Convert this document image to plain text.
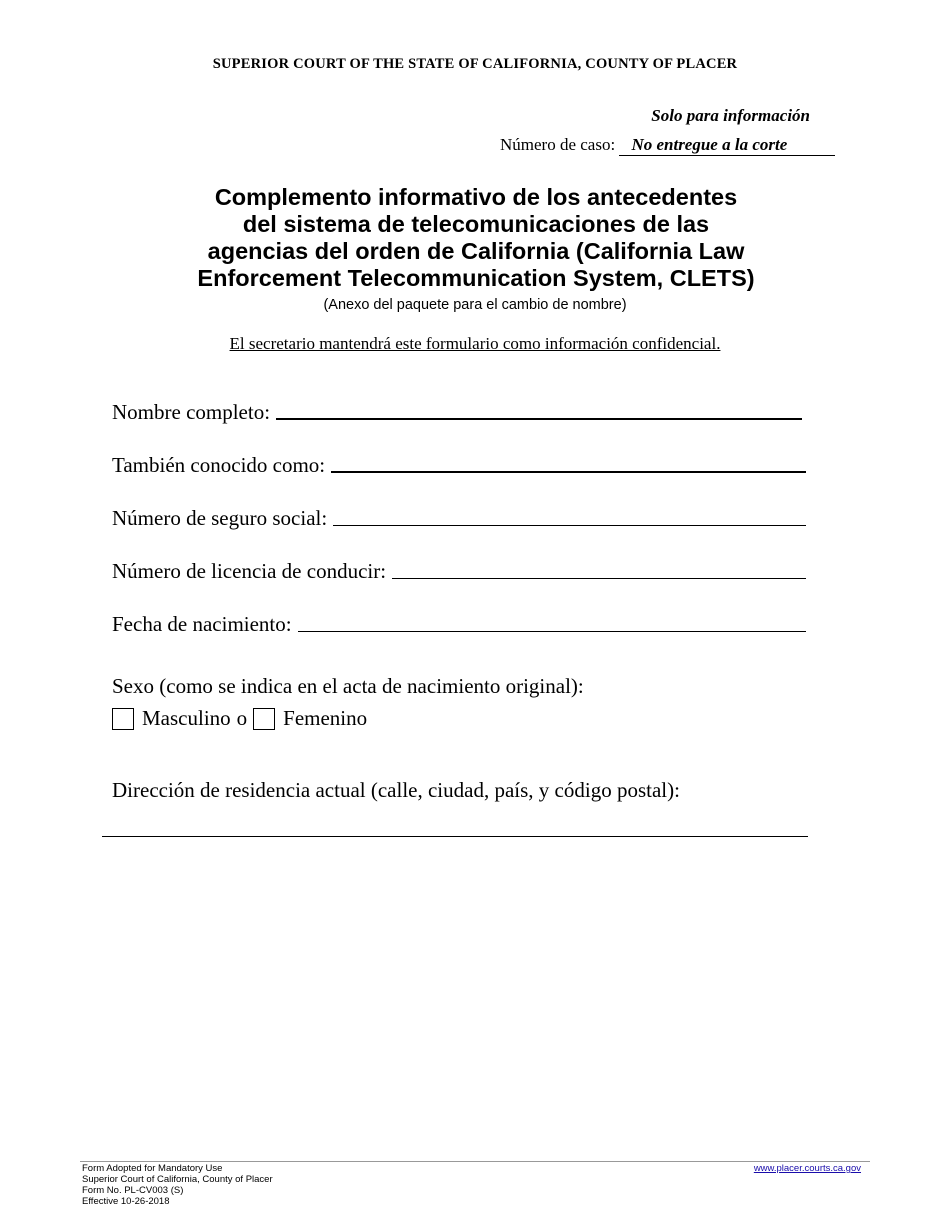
SUPERIOR COURT OF THE STATE OF CALIFORNIA, COUNTY OF PLACER
Solo para información
Número de caso: No entregue a la corte
Complemento informativo de los antecedentes
del sistema de telecomunicaciones de las
agencias del orden de California (California Law
Enforcement Telecommunication System, CLETS)
(Anexo del paquete para el cambio de nombre)
El secretario mantendrá este formulario como información confidencial.
Nombre completo:
También conocido como:
Número de seguro social:
Número de licencia de conducir:
Fecha de nacimiento:
Sexo (como se indica en el acta de nacimiento original):
Masculino o Femenino
Dirección de residencia actual (calle, ciudad, país, y código postal):
Form Adopted for Mandatory Use
Superior Court of California, County of Placer
Form No. PL-CV003 (S)
Effective 10-26-2018
www.placer.courts.ca.gov
